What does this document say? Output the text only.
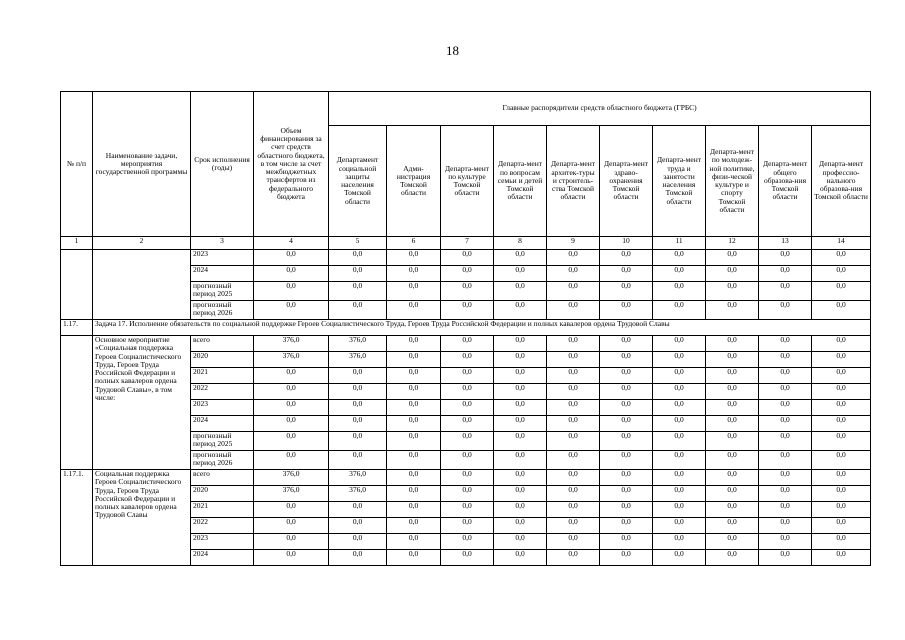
18
№ п/п	Наименование задачи, мероприятия государственной программы	Срок исполнения (годы)	Объем финансирования за счет средств областного бюджета, в том числе за счет межбюджетных трансфертов из федерального бюджета	Главные распорядители средств областного бюджета (ГРБС)									
				Департамент социальной защиты населения Томской области	Адми-нистрация Томской области	Департа-мент по культуре Томской области	Департа-мент по вопросам семьи и детей Томской области	Департа-мент архитек-туры и строитель-ства Томской области	Департа-мент здраво-охранения Томской области	Департа-мент труда и занятости населения Томской области	Департа-мент по молодеж-ной политике, физи-ческой культуре и спорту Томской области	Департа-мент общего образова-ния Томской области	Департа-мент профессио-нального образова-ния Томской области
1	2	3	4	5	6	7	8	9	10	11	12	13	14
		2023	0,0	0,0	0,0	0,0	0,0	0,0	0,0	0,0	0,0	0,0	0,0
		2024	0,0	0,0	0,0	0,0	0,0	0,0	0,0	0,0	0,0	0,0	0,0
		прогнозный период 2025	0,0	0,0	0,0	0,0	0,0	0,0	0,0	0,0	0,0	0,0	0,0
		прогнозный период 2026	0,0	0,0	0,0	0,0	0,0	0,0	0,0	0,0	0,0	0,0	0,0
1.17.	Задача 17. Исполнение обязательств по социальной поддержке Героев Социалистического Труда, Героев Труда Российской Федерации и полных кавалеров ордена Трудовой Славы												
	Основное мероприятие «Социальная поддержка Героев Социалистического Труда, Героев Труда Российской Федерации и полных кавалеров ордена Трудовой Славы», в том числе:	всего	376,0	376,0	0,0	0,0	0,0	0,0	0,0	0,0	0,0	0,0	0,0
		2020	376,0	376,0	0,0	0,0	0,0	0,0	0,0	0,0	0,0	0,0	0,0
		2021	0,0	0,0	0,0	0,0	0,0	0,0	0,0	0,0	0,0	0,0	0,0
		2022	0,0	0,0	0,0	0,0	0,0	0,0	0,0	0,0	0,0	0,0	0,0
		2023	0,0	0,0	0,0	0,0	0,0	0,0	0,0	0,0	0,0	0,0	0,0
		2024	0,0	0,0	0,0	0,0	0,0	0,0	0,0	0,0	0,0	0,0	0,0
		прогнозный период 2025	0,0	0,0	0,0	0,0	0,0	0,0	0,0	0,0	0,0	0,0	0,0
		прогнозный период 2026	0,0	0,0	0,0	0,0	0,0	0,0	0,0	0,0	0,0	0,0	0,0
1.17.1.	Социальная поддержка Героев Социалистического Труда, Героев Труда Российской Федерации и полных кавалеров ордена Трудовой Славы	всего	376,0	376,0	0,0	0,0	0,0	0,0	0,0	0,0	0,0	0,0	0,0
		2020	376,0	376,0	0,0	0,0	0,0	0,0	0,0	0,0	0,0	0,0	0,0
		2021	0,0	0,0	0,0	0,0	0,0	0,0	0,0	0,0	0,0	0,0	0,0
		2022	0,0	0,0	0,0	0,0	0,0	0,0	0,0	0,0	0,0	0,0	0,0
		2023	0,0	0,0	0,0	0,0	0,0	0,0	0,0	0,0	0,0	0,0	0,0
		2024	0,0	0,0	0,0	0,0	0,0	0,0	0,0	0,0	0,0	0,0	0,0
